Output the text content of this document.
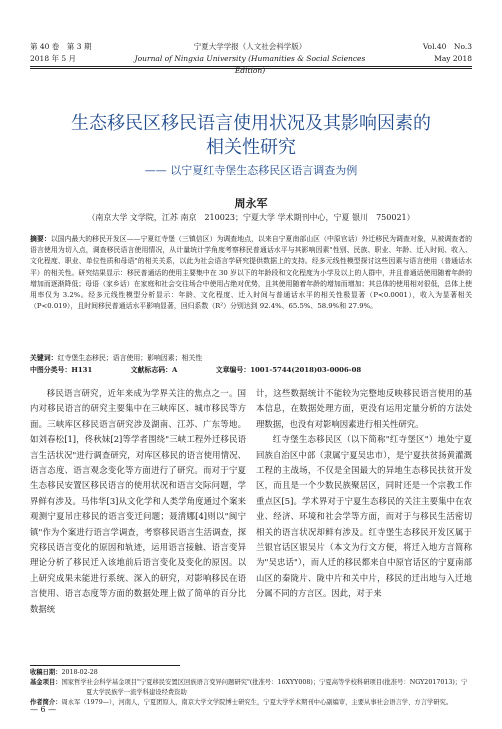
第 40 卷　第 3 期
2018 年 5 月
宁夏大学学报（人文社会科学版）
Journal of Ningxia University (Humanities & Social Sciences Edition)
Vol.40　No.3
May 2018
生态移民区移民语言使用状况及其影响因素的
相关性研究
—— 以宁夏红寺堡生态移民区语言调查为例
周永军
（南京大学 文学院，江苏 南京　210023；宁夏大学 学术期刊中心，宁夏 银川　750021）
摘要：以国内最大的移民开发区——宁夏红寺堡（三镇信区）为调查地点，以来自宁夏南部山区（中原官话）外迁移民为调查对象，从被调查者的语言使用为切入点，调查移民语言使用情况，从计量统计学角度考察移民普通话水平与其影响因素"性别、民族、职业、年龄、迁入时间、收入、文化程度、职业、单位性质和母语"的相关关系，以此为社会语言学研究提供数据上的支持。经多元线性模型探讨这些因素与语言使用（普通话水平）的相关性。研究结果显示：移民普通话的使用主要集中在 30 岁以下的年龄段和文化程度为小学及以上的人群中，并且普通话使用随着年龄的增加而逐渐降低；母语（家乡话）在家庭和社会交往场合中使用占绝对优势，且其使用随着年龄的增加而增加；其总体的使用相对很低，总体上使用率仅为 3.2%。经多元线性模型分析显示：年龄、文化程度、迁入时间与普通话水平的相关性极显著（P<0.0001），收入为显著相关（P<0.019），且时间移民普通话水平影响显著，回归系数（R²）分别达到 92.4%、65.5%、58.9%和 27.9%。
关键词：红寺堡生态移民；语言使用；影响因素；相关性
中图分类号：H131	文献标志码：A	文章编号：1001-5744(2018)03-0006-08

移民语言研究，近年来成为学界关注的焦点之一。国内对移民语言的研究主要集中在三峡库区、城市移民等方面。三峡库区移民语言研究涉及湖南、江苏、广东等地。如刘春松[1]，佟秋妹[2]等学者围绕"三峡工程外迁移民语言生活状况"进行调查研究，对库区移民的语言使用情况、语言态度、语言观念变化等方面进行了研究。而对于宁夏生态移民安置区移民语言的使用状况和语言交际问题，学界鲜有涉及。马伟华[3]从文化学和人类学角度通过个案来观测宁夏吊庄移民的语言变迁问题；聂清娜[4]则以"闽宁镇"作为个案进行语言学调查，考察移民语言生活调查，探究移民语言变化的原因和轨迹，运用语言接触、语言变异理论分析了移民迁入该地前后语言变化及变化的原因。以上研究成果未能进行系统、深入的研究，对影响移民在语言使用、语言态度等方面的数据处理上做了简单的百分比数据统

计，这些数据统计不能较为完整地反映移民语言使用的基本信息，在数据处理方面，更没有运用定量分析的方法处理数据，也没有对影响因素进行相关性研究。

红寺堡生态移民区（以下简称"红寺堡区"）地处宁夏回族自治区中部（隶属宁夏吴忠市），是宁夏扶贫扬黄灌溉工程的主战场，不仅是全国最大的异地生态移民扶贫开发区，而且是一个少数民族聚居区，同时还是一个宗教工作重点区[5]。学术界对于宁夏生态移民的关注主要集中在农业、经济、环境和社会学等方面，而对于与移民生活密切相关的语言状况却鲜有涉及。红寺堡生态移民开发区属于兰银官话区银吴片（本文为行文方便，将迁入地方言简称为"吴忠话"），而人迁的移民都来自中原官话区的宁夏南部山区的秦陇片、陇中片和关中片，移民的迁出地与入迁地分属不同的方言区。因此，对于来

收稿日期：2018-02-28
基金项目：国家哲学社会科学基金项目"宁夏移民安置区回族语言变异问题研究"(批准号：16XYY008)；宁夏高等学校科研项目(批准号：NGY2017013)；宁夏大学民族学一流学科建设经费资助
作者简介：周永军（1979—），河南人，宁夏团原人，南京大学文学院博士研究生，宁夏大学学术期刊中心副编审，主要从事社会语言学、方言学研究。
— 6 —
